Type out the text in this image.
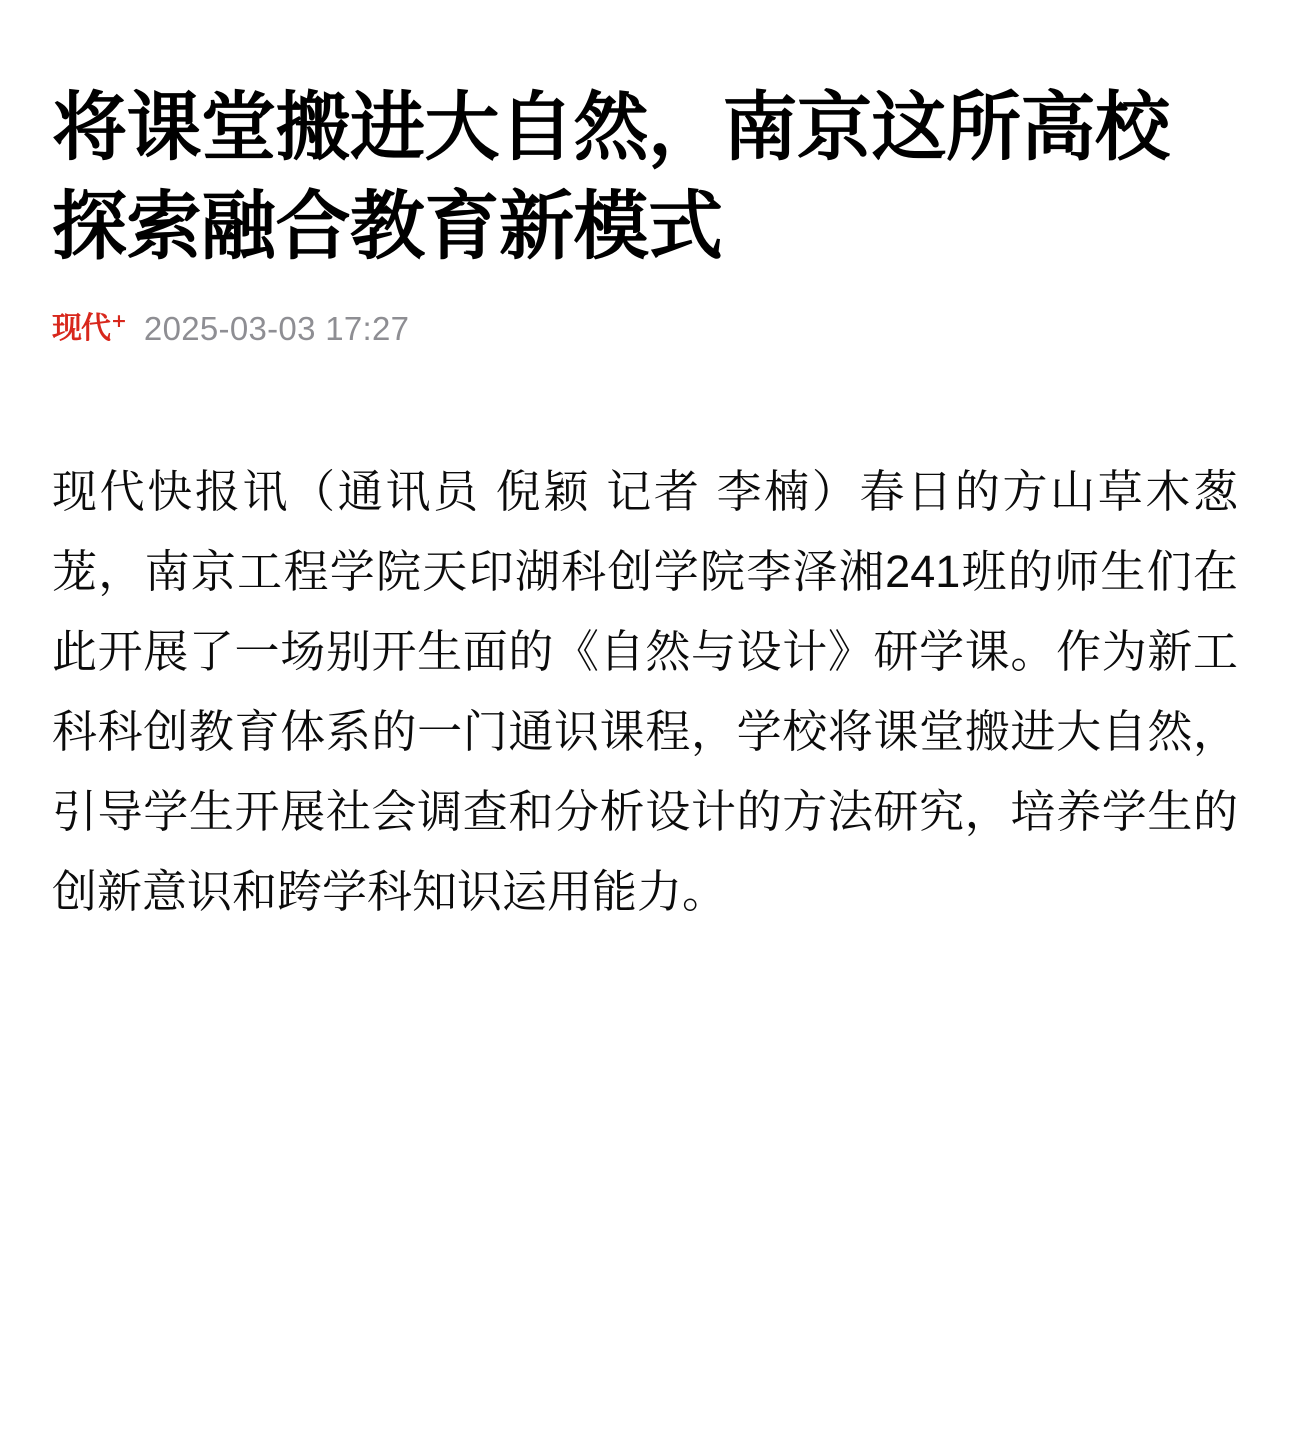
将课堂搬进大自然，南京这所高校探索融合教育新模式
现代 + 2025-03-03 17:27

现代快报讯（通讯员 倪颖 记者 李楠）春日的方山草木葱茏，南京工程学院天印湖科创学院李泽湘241班的师生们在此开展了一场别开生面的《自然与设计》研学课。作为新工科科创教育体系的一门通识课程，学校将课堂搬进大自然，引导学生开展社会调查和分析设计的方法研究，培养学生的创新意识和跨学科知识运用能力。
